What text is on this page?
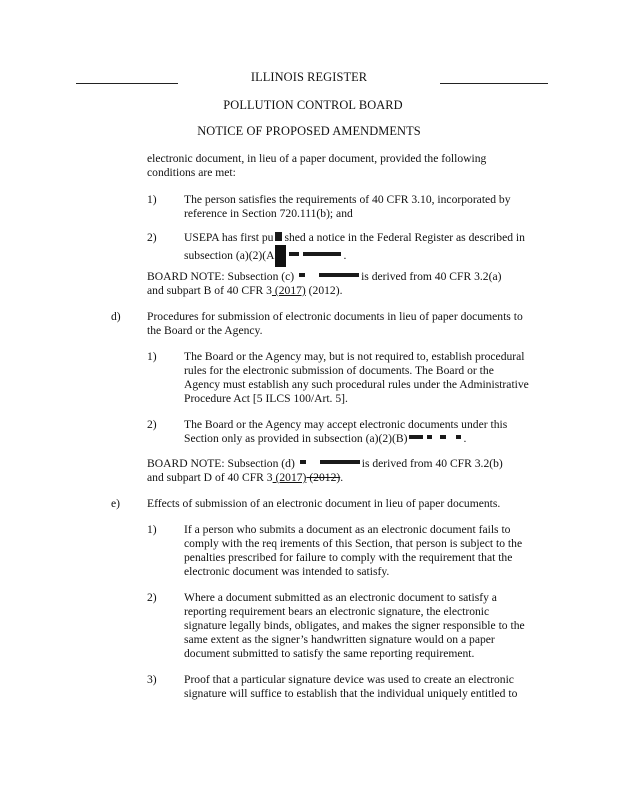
ILLINOIS REGISTER

POLLUTION CONTROL BOARD

NOTICE OF PROPOSED AMENDMENTS

electronic document, in lieu of a paper document, provided the following

conditions are met:

1) The person satisfies the requirements of 40 CFR 3.10, incorporated by

reference in Section 720.111(b); and

2) USEPA has first pu shed a notice in the Federal Register as described in

subsection (a)(2)(A	.

BOARD NOTE: Subsection (c)	is derived from 40 CFR 3.2(a)

and subpart B of 40 CFR 3 (2017) (2012).

d) Procedures for submission of electronic documents in lieu of paper documents to

the Board or the Agency.

1) The Board or the Agency may, but is not required to, establish procedural

rules for the electronic submission of documents. The Board or the

Agency must establish any such procedural rules under the Administrative

Procedure Act [5 ILCS 100/Art. 5].

2) The Board or the Agency may accept electronic documents under this

Section only as provided in subsection (a)(2)(B)	.

BOARD NOTE: Subsection (d)	is derived from 40 CFR 3.2(b)

and subpart D of 40 CFR 3 (2017) (2012).

e) Effects of submission of an electronic document in lieu of paper documents.

1) If a person who submits a document as an electronic document fails to

comply with the req irements of this Section, that person is subject to the

penalties prescribed for failure to comply with the requirement that the

electronic document was intended to satisfy.

2) Where a document submitted as an electronic document to satisfy a

reporting requirement bears an electronic signature, the electronic

signature legally binds, obligates, and makes the signer responsible to the

same extent as the signer’s handwritten signature would on a paper

document submitted to satisfy the same reporting requirement.

3) Proof that a particular signature device was used to create an electronic

signature will suffice to establish that the individual uniquely entitled to
